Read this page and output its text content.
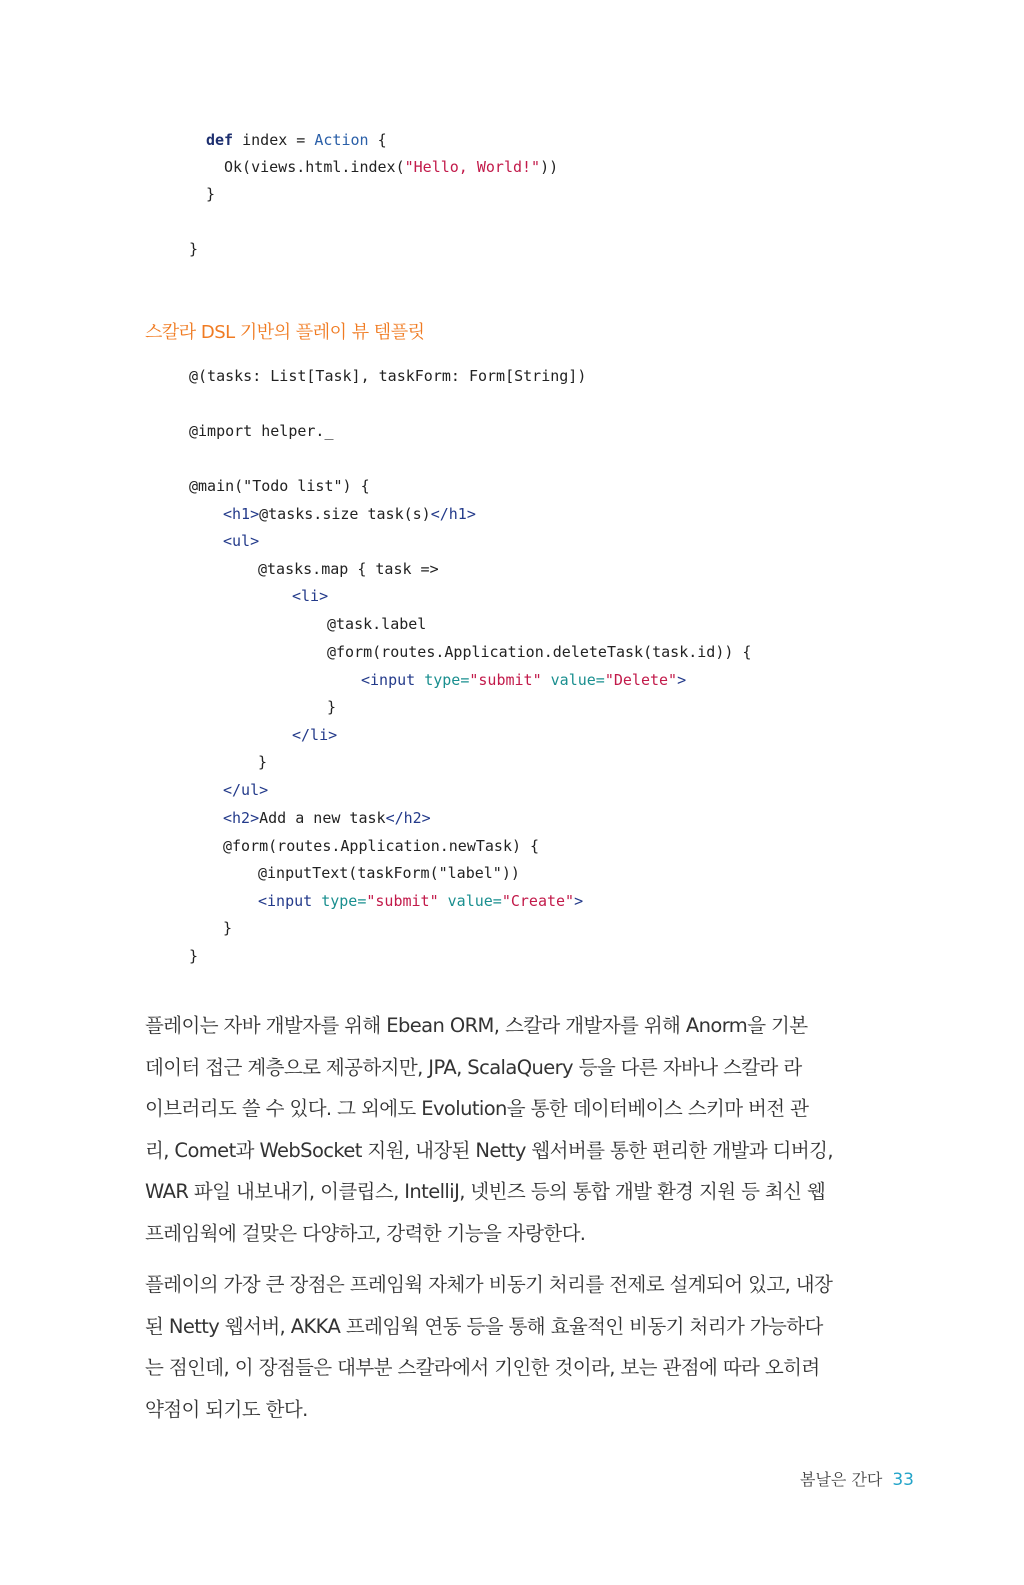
def index = Action {
Ok(views.html.index("Hello, World!"))
}
}
스칼라 DSL 기반의 플레이 뷰 템플릿
@(tasks: List[Task], taskForm: Form[String])
@import helper._
@main("Todo list") {
<h1>@tasks.size task(s)</h1>
<ul>
@tasks.map { task =>
<li>
@task.label
@form(routes.Application.deleteTask(task.id)) {
<input type="submit" value="Delete">
}
</li>
}
</ul>
<h2>Add a new task</h2>
@form(routes.Application.newTask) {
@inputText(taskForm("label"))
<input type="submit" value="Create">
}
}
플레이는 자바 개발자를 위해 Ebean ORM, 스칼라 개발자를 위해 Anorm을 기본
데이터 접근 계층으로 제공하지만, JPA, ScalaQuery 등을 다른 자바나 스칼라 라
이브러리도 쓸 수 있다. 그 외에도 Evolution을 통한 데이터베이스 스키마 버전 관
리, Comet과 WebSocket 지원, 내장된 Netty 웹서버를 통한 편리한 개발과 디버깅,
WAR 파일 내보내기, 이클립스, IntelliJ, 넷빈즈 등의 통합 개발 환경 지원 등 최신 웹
프레임웍에 걸맞은 다양하고, 강력한 기능을 자랑한다.
플레이의 가장 큰 장점은 프레임웍 자체가 비동기 처리를 전제로 설계되어 있고, 내장
된 Netty 웹서버, AKKA 프레임웍 연동 등을 통해 효율적인 비동기 처리가 가능하다
는 점인데, 이 장점들은 대부분 스칼라에서 기인한 것이라, 보는 관점에 따라 오히려
약점이 되기도 한다.
봄날은 간다 33
